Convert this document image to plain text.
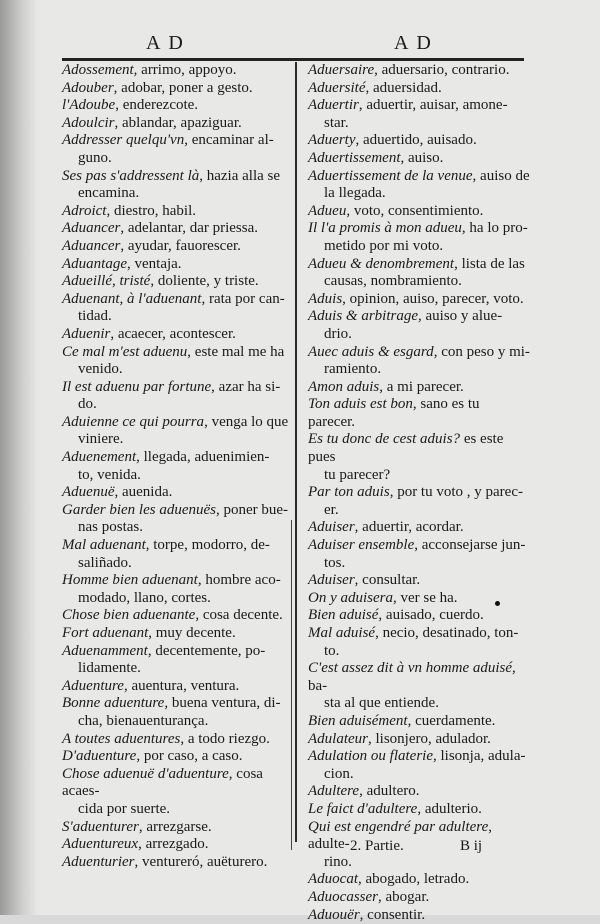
A D	A D
Adossement, arrimo, appoyo.
Adouber, adobar, poner a gesto.
l'Adoube, enderezcote.
Adoulcir, ablandar, apaziguar.
Addresser quelqu'vn, encaminar al-
guno.
Ses pas s'addressent là, hazia alla se
encamina.
Adroict, diestro, habil.
Aduancer, adelantar, dar priessa.
Aduancer, ayudar, fauorescer.
Aduantage, ventaja.
Adueillé, tristé, doliente, y triste.
Aduenant, à l'aduenant, rata por can-
tidad.
Aduenir, acaecer, acontescer.
Ce mal m'est aduenu, este mal me ha
venido.
Il est aduenu par fortune, azar ha si-
do.
Aduienne ce qui pourra, venga lo que
viniere.
Aduenement, llegada, aduenimien-
to, venida.
Aduenuë, auenida.
Garder bien les aduenuës, poner bue-
nas postas.
Mal aduenant, torpe, modorro, de-
saliñado.
Homme bien aduenant, hombre aco-
modado, llano, cortes.
Chose bien aduenante, cosa decente.
Fort aduenant, muy decente.
Aduenamment, decentemente, po-
lidamente.
Aduenture, auentura, ventura.
Bonne aduenture, buena ventura, di-
cha, bienauenturança.
A toutes aduentures, a todo riezgo.
D'aduenture, por caso, a caso.
Chose aduenuë d'aduenture, cosa acaes-
cida por suerte.
S'aduenturer, arrezgarse.
Aduentureux, arrezgado.
Aduenturier, ventureró, auëturero.
Aduersaire, aduersario, contrario.
Aduersité, aduersidad.
Aduertir, aduertir, auisar, amone-
star.
Aduerty, aduertido, auisado.
Aduertissement, auiso.
Aduertissement de la venue, auiso de
la llegada.
Adueu, voto, consentimiento.
Il l'a promis à mon adueu, ha lo pro-
metido por mi voto.
Adueu & denombrement, lista de las
causas, nombramiento.
Aduis, opinion, auiso, parecer, voto.
Aduis & arbitrage, auiso y alue-
drio.
Auec aduis & esgard, con peso y mi-
ramiento.
Amon aduis, a mi parecer.
Ton aduis est bon, sano es tu parecer.
Es tu donc de cest aduis? es este pues
tu parecer?
Par ton aduis, por tu voto , y parec-
er.
Aduiser, aduertir, acordar.
Aduiser ensemble, acconsejarse jun-
tos.
Aduiser, consultar.
On y aduisera, ver se ha.
Bien aduisé, auisado, cuerdo.
Mal aduisé, necio, desatinado, ton-
to.
C'est assez dit à vn homme aduisé, ba-
sta al que entiende.
Bien aduisément, cuerdamente.
Adulateur, lisonjero, adulador.
Adulation ou flaterie, lisonja, adula-
cion.
Adultere, adultero.
Le faict d'adultere, adulterio.
Qui est engendré par adultere, adulte-
rino.
Aduocat, abogado, letrado.
Aduocasser, abogar.
Aduouër, consentir.
2. Partie.	B ij
